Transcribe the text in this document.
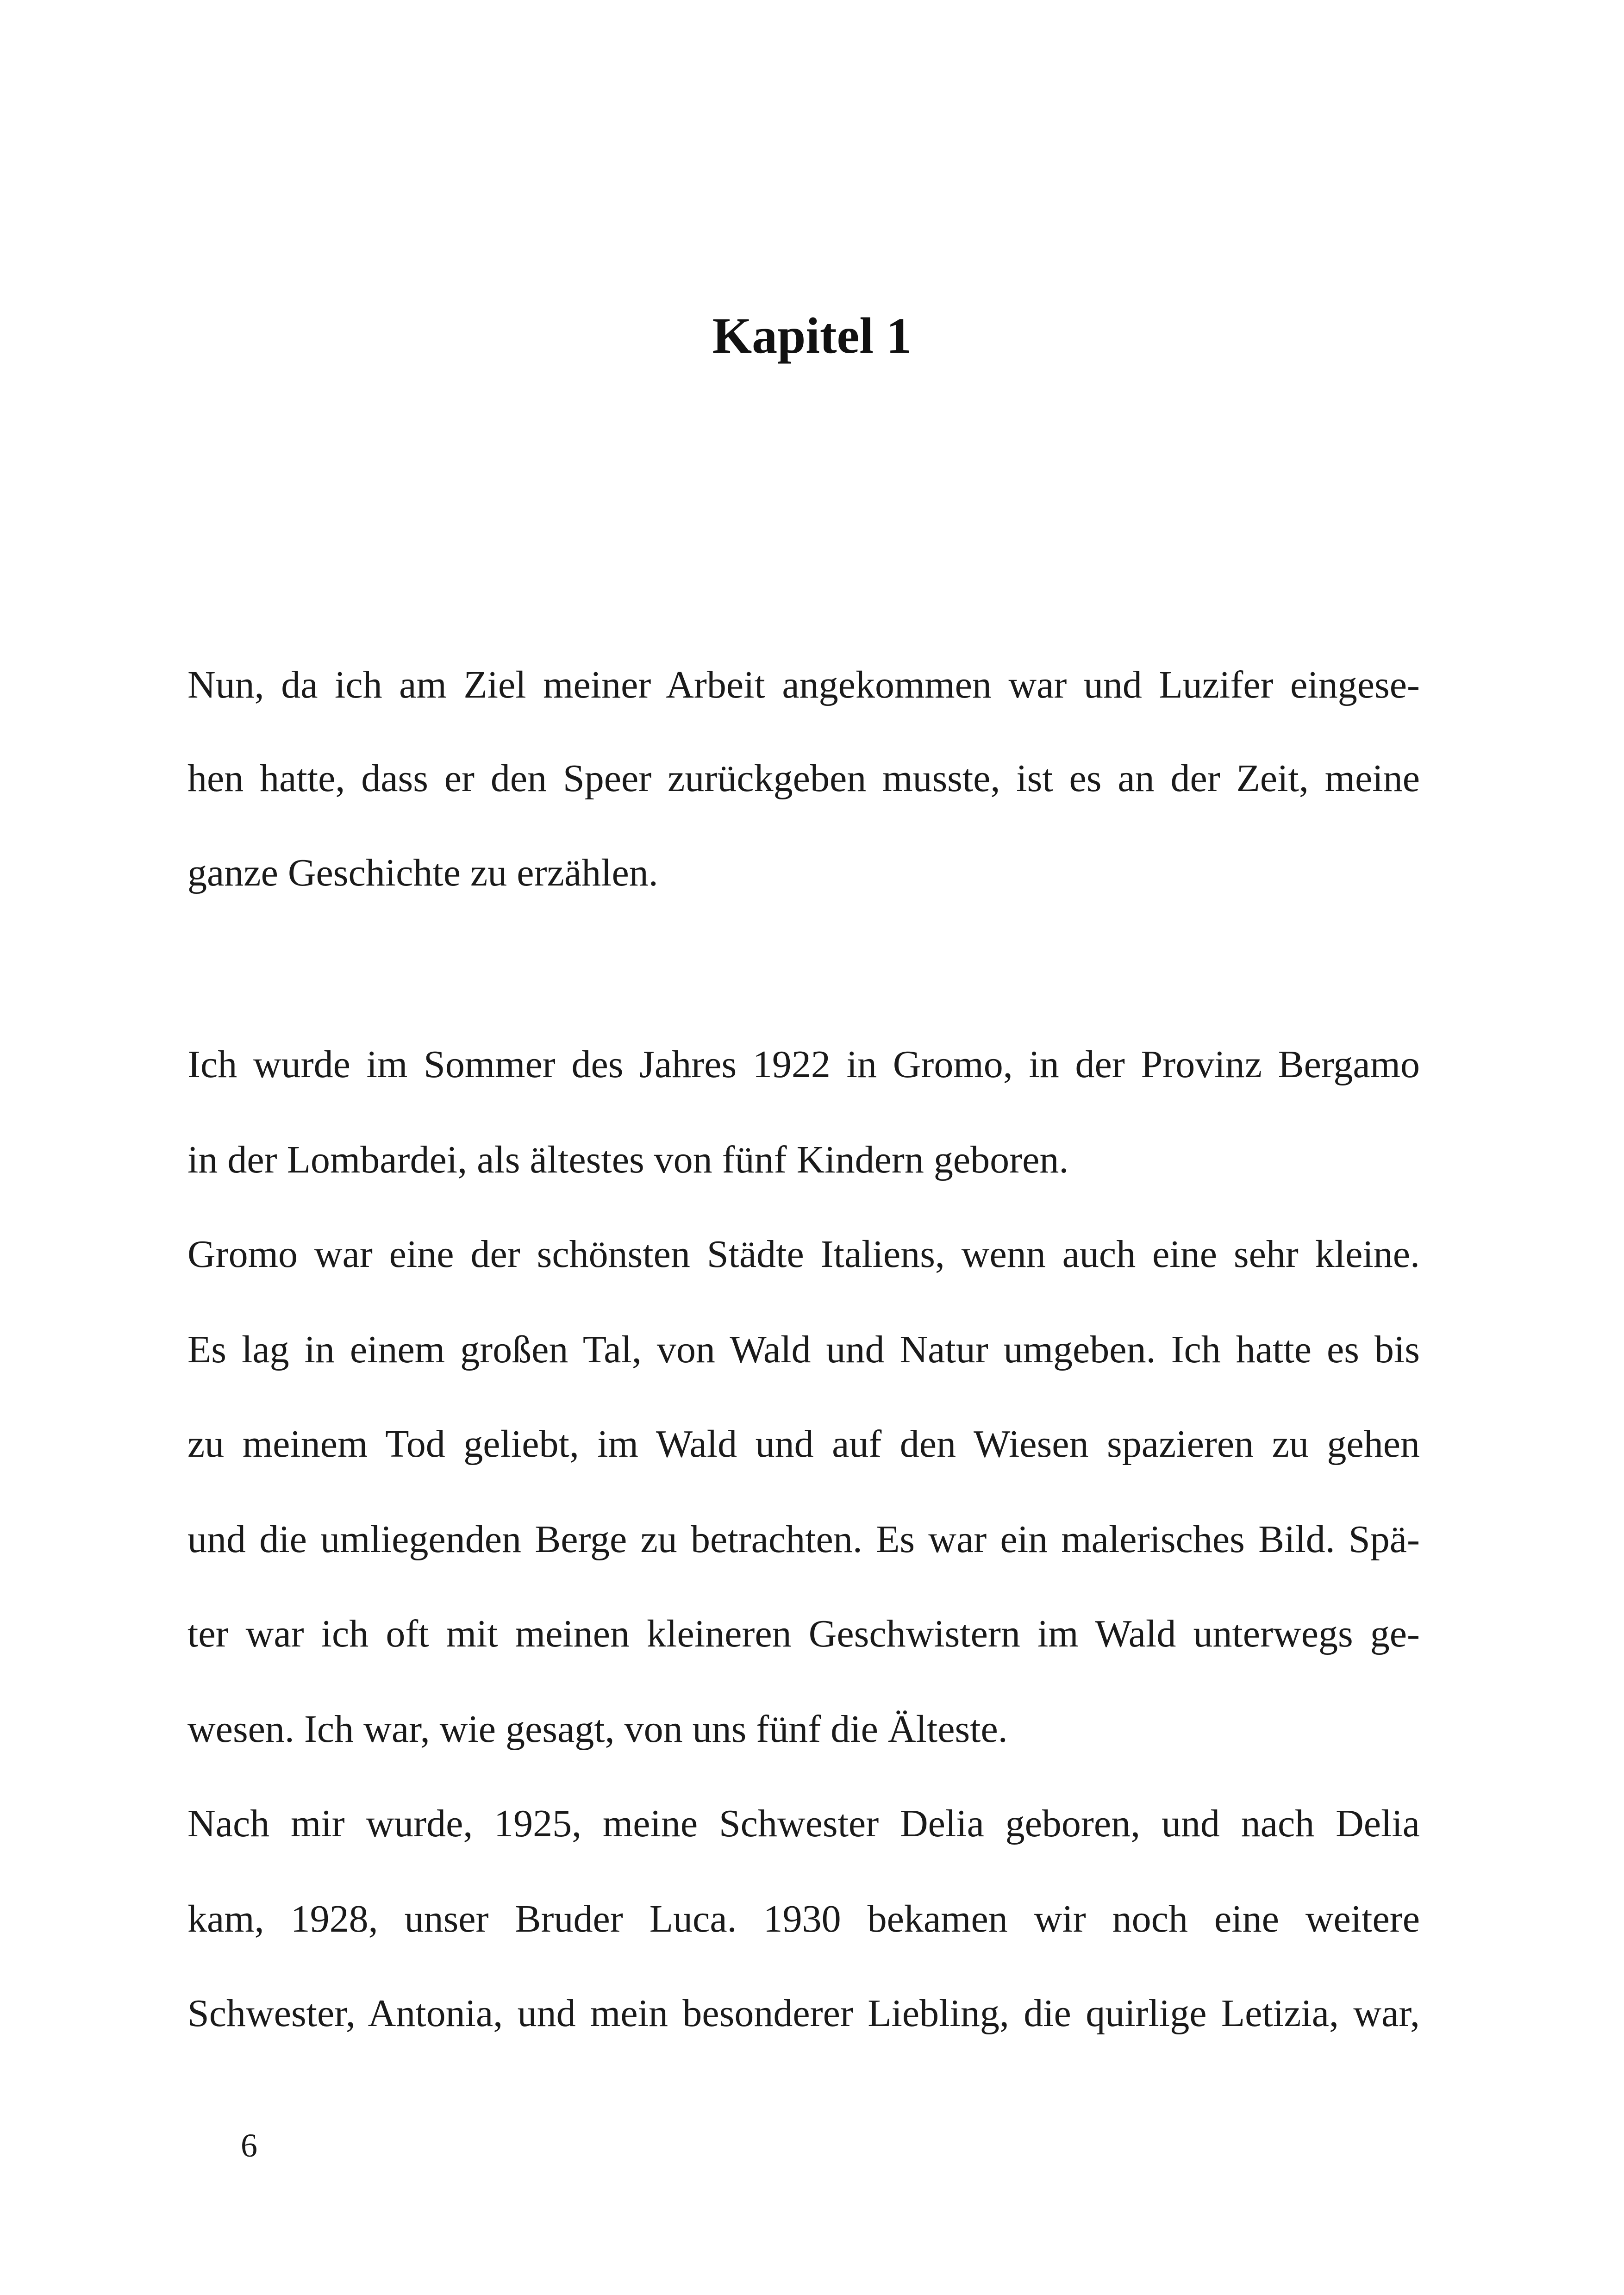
Kapitel 1
Nun, da ich am Ziel meiner Arbeit angekommen war und Luzifer eingese-
hen hatte, dass er den Speer zurückgeben musste, ist es an der Zeit, meine
ganze Geschichte zu erzählen.
Ich wurde im Sommer des Jahres 1922 in Gromo, in der Provinz Bergamo
in der Lombardei, als ältestes von fünf Kindern geboren.
Gromo war eine der schönsten Städte Italiens, wenn auch eine sehr kleine.
Es lag in einem großen Tal, von Wald und Natur umgeben. Ich hatte es bis
zu meinem Tod geliebt, im Wald und auf den Wiesen spazieren zu gehen
und die umliegenden Berge zu betrachten. Es war ein malerisches Bild. Spä-
ter war ich oft mit meinen kleineren Geschwistern im Wald unterwegs ge-
wesen. Ich war, wie gesagt, von uns fünf die Älteste.
Nach mir wurde, 1925, meine Schwester Delia geboren, und nach Delia
kam, 1928, unser Bruder Luca. 1930 bekamen wir noch eine weitere
Schwester, Antonia, und mein besonderer Liebling, die quirlige Letizia, war,
6
